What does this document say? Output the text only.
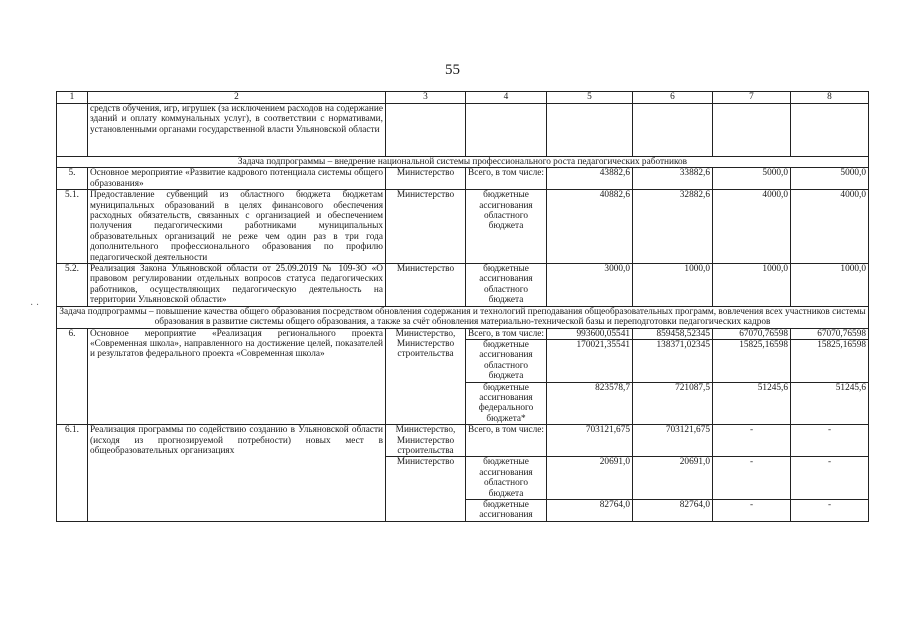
55
· ·
1	2	3	4	5	6	7	8
	средств обучения, игр, игрушек (за исключением расходов на содержание зданий и оплату коммунальных услуг), в соответствии с нормативами, установленными органами государственной власти Ульяновской области						
Задача подпрограммы – внедрение национальной системы профессионального роста педагогических работников							
5.	Основное мероприятие «Развитие кадрового потенциала системы общего образования»	Министерство	Всего, в том числе:	43882,6	33882,6	5000,0	5000,0
5.1.	Предоставление субвенций из областного бюджета бюджетам муниципальных образований в целях финансового обеспечения расходных обязательств, связанных с организацией и обеспечением получения педагогическими работниками муниципальных образовательных организаций не реже чем один раз в три года дополнительного профессионального образования по профилю педагогической деятельности	Министерство	бюджетные ассигнования областного бюджета	40882,6	32882,6	4000,0	4000,0
5.2.	Реализация Закона Ульяновской области от 25.09.2019 № 109-ЗО «О правовом регулировании отдельных вопросов статуса педагогических работников, осуществляющих педагогическую деятельность на территории Ульяновской области»	Министерство	бюджетные ассигнования областного бюджета	3000,0	1000,0	1000,0	1000,0
Задача подпрограммы – повышение качества общего образования посредством обновления содержания и технологий преподавания общеобразовательных программ, вовлечения всех участников системы образования в развитие системы общего образования, а также за счёт обновления материально-технической базы и переподготовки педагогических кадров							
6.	Основное мероприятие «Реализация регионального проекта «Современная школа», направленного на достижение целей, показателей и результатов федерального проекта «Современная школа»	Министерство, Министерство строительства	Всего, в том числе:	993600,05541	859458,52345	67070,76598	67070,76598
			бюджетные ассигнования областного бюджета	170021,35541	138371,02345	15825,16598	15825,16598
			бюджетные ассигнования федерального бюджета*	823578,7	721087,5	51245,6	51245,6
6.1.	Реализация программы по содействию созданию в Ульяновской области (исходя из прогнозируемой потребности) новых мест в общеобразовательных организациях	Министерство, Министерство строительства	Всего, в том числе:	703121,675	703121,675	-	-
		Министерство	бюджетные ассигнования областного бюджета	20691,0	20691,0	-	-
			бюджетные ассигнования	82764,0	82764,0	-	-
